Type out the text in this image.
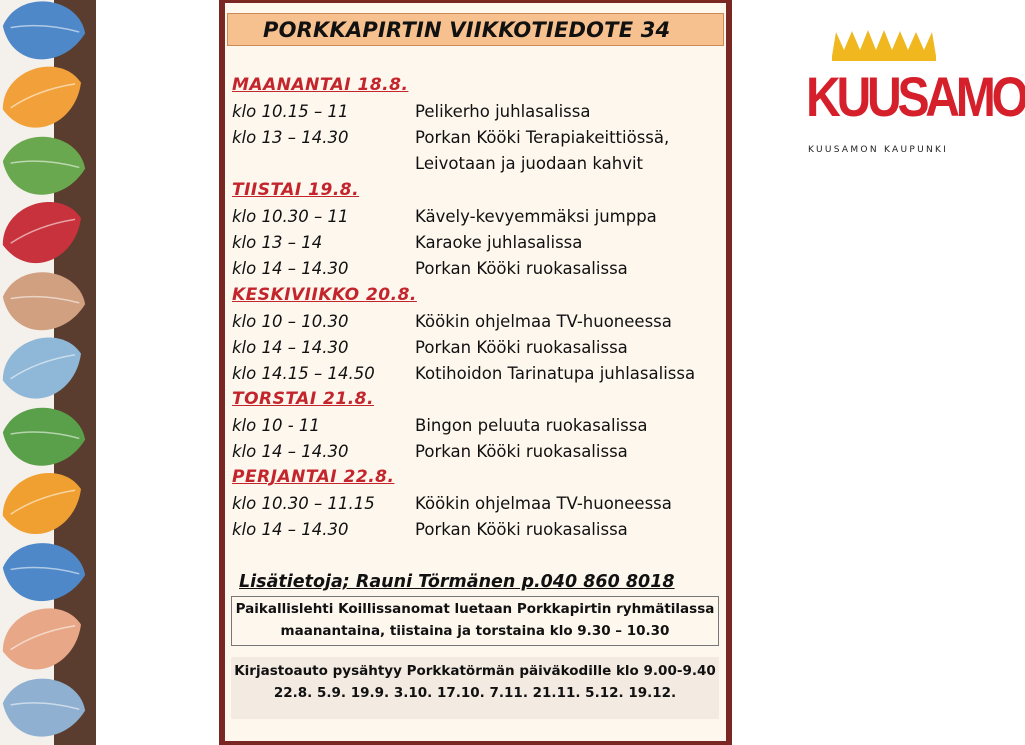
PORKKAPIRTIN VIIKKOTIEDOTE 34
MAANANTAI 18.8.
klo 10.15 – 11	Pelikerho juhlasalissa
klo 13 – 14.30	Porkan Kööki Terapiakeittiössä,
Leivotaan ja juodaan kahvit
TIISTAI 19.8.
klo 10.30 – 11	Kävely-kevyemmäksi jumppa
klo 13 – 14	Karaoke juhlasalissa
klo 14 – 14.30	Porkan Kööki ruokasalissa
KESKIVIIKKO 20.8.
klo 10 – 10.30	Köökin ohjelmaa TV-huoneessa
klo 14 – 14.30	Porkan Kööki ruokasalissa
klo 14.15 – 14.50 Kotihoidon Tarinatupa juhlasalissa
TORSTAI 21.8.
klo 10 - 11	Bingon peluuta ruokasalissa
klo 14 – 14.30	Porkan Kööki ruokasalissa
PERJANTAI 22.8.
klo 10.30 – 11.15 Köökin ohjelmaa TV-huoneessa
klo 14 – 14.30	Porkan Kööki ruokasalissa
Lisätietoja; Rauni Törmänen p.040 860 8018
Paikallislehti Koillissanomat luetaan Porkkapirtin ryhmätilassa
maanantaina, tiistaina ja torstaina klo 9.30 – 10.30
Kirjastoauto pysähtyy Porkkatörmän päiväkodille klo 9.00-9.40
22.8. 5.9. 19.9. 3.10. 17.10. 7.11. 21.11. 5.12. 19.12.
KUUSAMO
KUUSAMON KAUPUNKI
